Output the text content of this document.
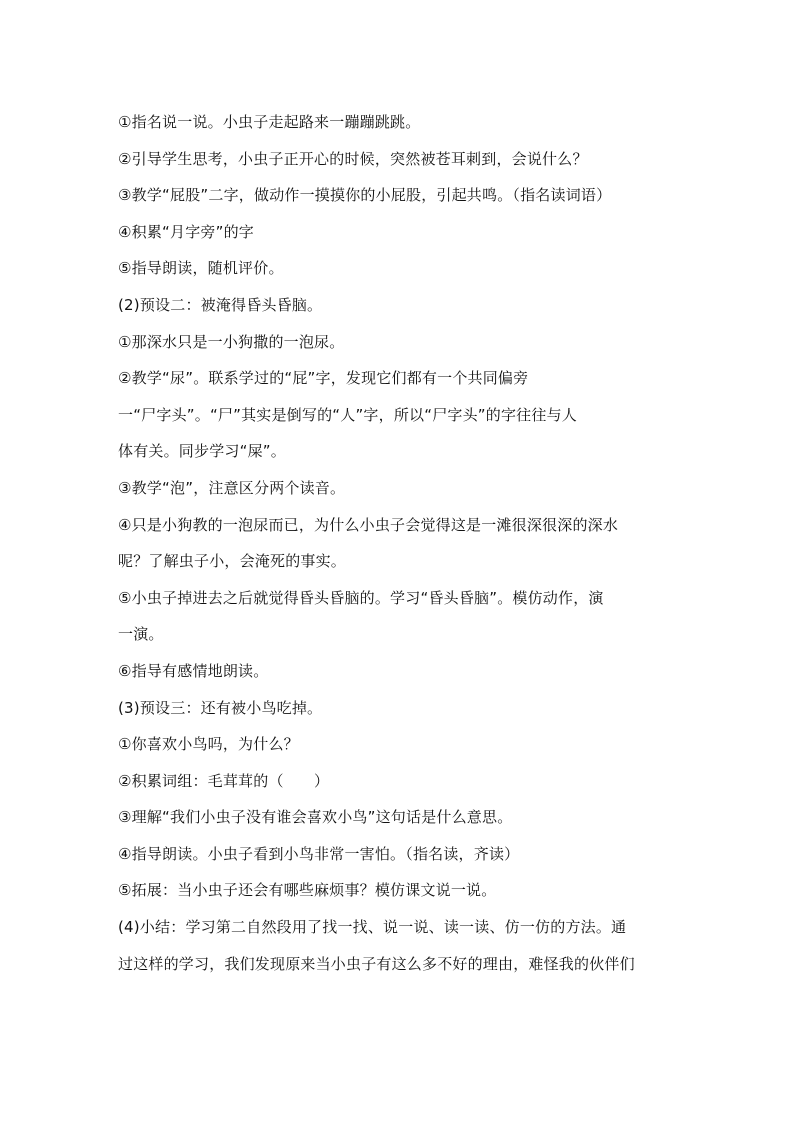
①指名说一说。小虫子走起路来一蹦蹦跳跳。
②引导学生思考，小虫子正开心的时候，突然被苍耳刺到，会说什么？
③教学“屁股”二字，做动作一摸摸你的小屁股，引起共鸣。（指名读词语）
④积累“月字旁”的字
⑤指导朗读，随机评价。
(2)预设二：被淹得昏头昏脑。
①那深水只是一小狗撒的一泡尿。
②教学“尿”。联系学过的“屁”字，发现它们都有一个共同偏旁
一“尸字头”。“尸”其实是倒写的“人”字，所以“尸字头”的字往往与人
体有关。同步学习“屎”。
③教学“泡”，注意区分两个读音。
④只是小狗教的一泡尿而已，为什么小虫子会觉得这是一滩很深很深的深水
呢？了解虫子小，会淹死的事实。
⑤小虫子掉进去之后就觉得昏头昏脑的。学习“昏头昏脑”。模仿动作，演
一演。
⑥指导有感情地朗读。
(3)预设三：还有被小鸟吃掉。
①你喜欢小鸟吗，为什么？
②积累词组：毛茸茸的（　　）
③理解“我们小虫子没有谁会喜欢小鸟”这句话是什么意思。
④指导朗读。小虫子看到小鸟非常一害怕。（指名读，齐读）
⑤拓展：当小虫子还会有哪些麻烦事？模仿课文说一说。
(4)小结：学习第二自然段用了找一找、说一说、读一读、仿一仿的方法。通
过这样的学习，我们发现原来当小虫子有这么多不好的理由，难怪我的伙伴们
